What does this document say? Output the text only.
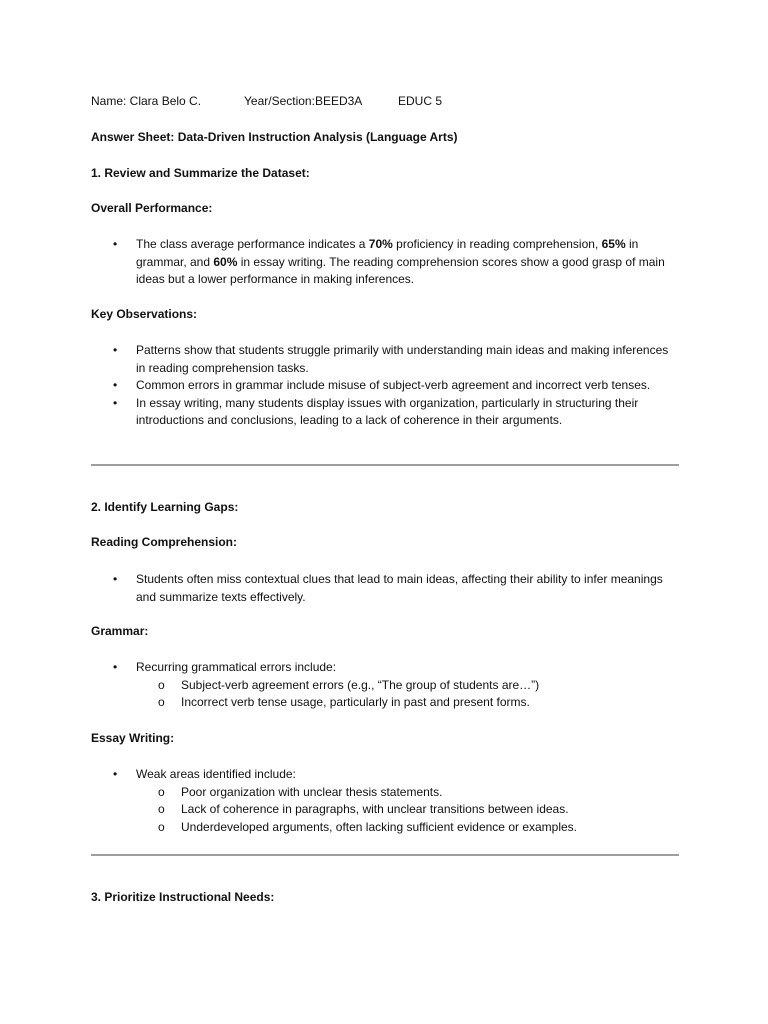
Name: Clara Belo C.	Year/Section:BEED3A	EDUC 5
Answer Sheet: Data-Driven Instruction Analysis (Language Arts)
1. Review and Summarize the Dataset:
Overall Performance:
• The class average performance indicates a 70% proficiency in reading comprehension, 65% in grammar, and 60% in essay writing. The reading comprehension scores show a good grasp of main ideas but a lower performance in making inferences.
Key Observations:
• Patterns show that students struggle primarily with understanding main ideas and making inferences in reading comprehension tasks.
• Common errors in grammar include misuse of subject-verb agreement and incorrect verb tenses.
• In essay writing, many students display issues with organization, particularly in structuring their introductions and conclusions, leading to a lack of coherence in their arguments.
2. Identify Learning Gaps:
Reading Comprehension:
• Students often miss contextual clues that lead to main ideas, affecting their ability to infer meanings and summarize texts effectively.
Grammar:
• Recurring grammatical errors include:
o Subject-verb agreement errors (e.g., “The group of students are…”)
o Incorrect verb tense usage, particularly in past and present forms.
Essay Writing:
• Weak areas identified include:
o Poor organization with unclear thesis statements.
o Lack of coherence in paragraphs, with unclear transitions between ideas.
o Underdeveloped arguments, often lacking sufficient evidence or examples.
3. Prioritize Instructional Needs:
